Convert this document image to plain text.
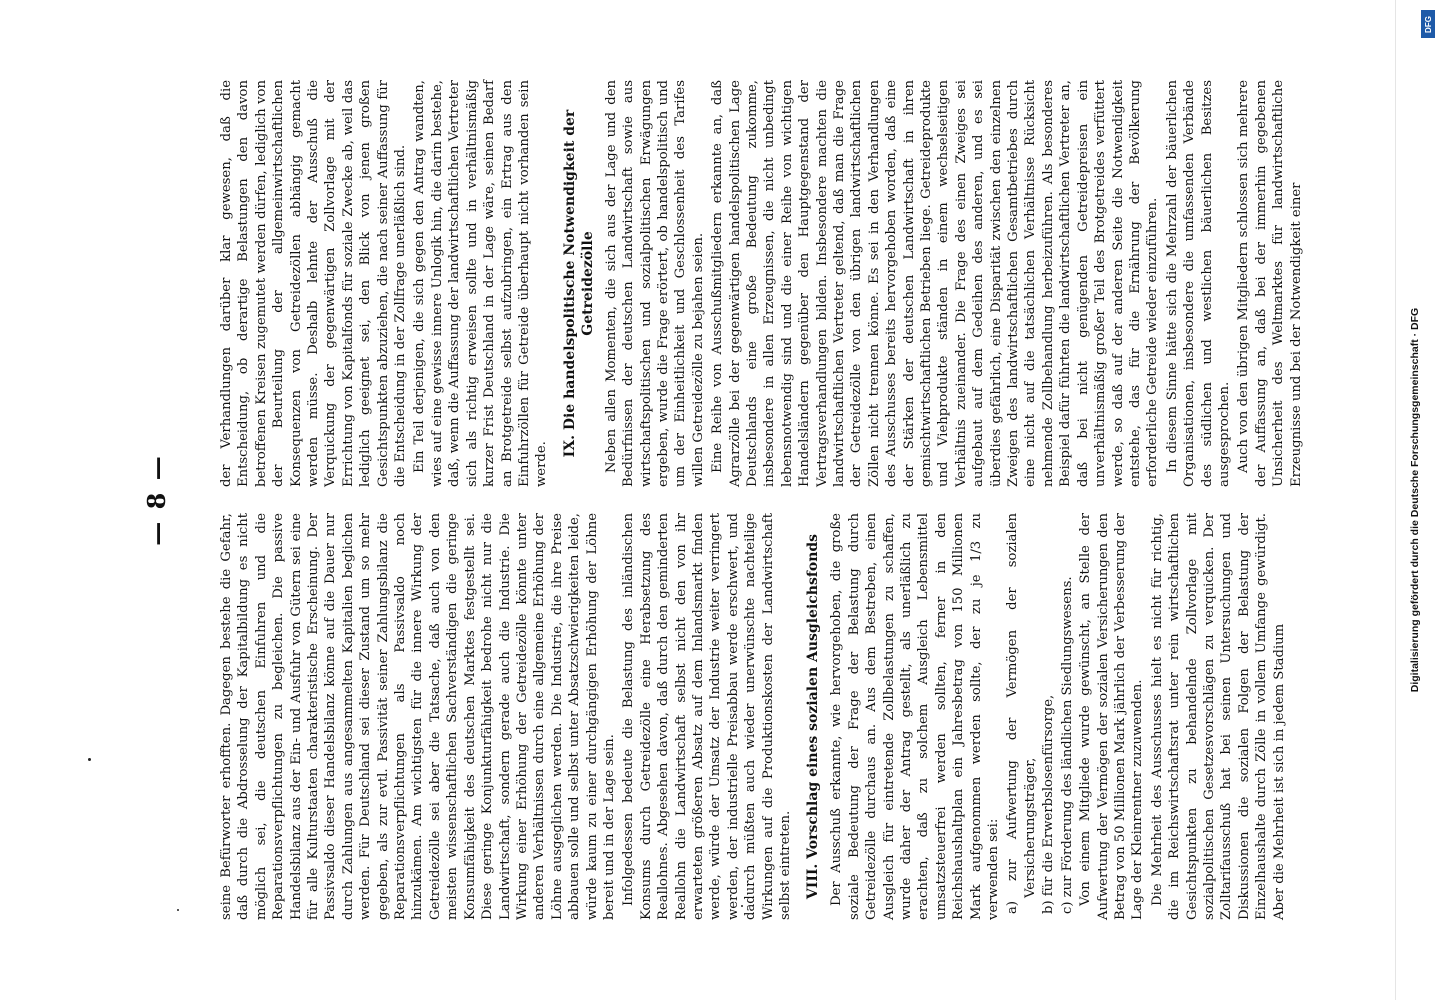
— 8 —

seine Befürworter erhofften. Dagegen bestehe die Gefahr, daß durch die Abdrosselung der Kapitalbildung es nicht möglich sei, die deutschen Einfuhren und die Reparationsverpflichtungen zu begleichen. Die passive Handelsbilanz aus der Ein- und Ausfuhr von Gütern sei eine für alle Kulturstaaten charakteristische Erscheinung. Der Passivsaldo dieser Handelsbilanz könne auf die Dauer nur durch Zahlungen aus angesammelten Kapitalien beglichen werden. Für Deutschland sei dieser Zustand um so mehr gegeben, als zur evtl. Passivität seiner Zahlungsbilanz die Reparationsverpflichtungen als Passivsaldo noch hinzukämen. Am wichtigsten für die innere Wirkung der Getreidezölle sei aber die Tatsache, daß auch von den meisten wissenschaftlichen Sachverständigen die geringe Konsumfähigkeit des deutschen Marktes festgestellt sei. Diese geringe Konjunkturfähigkeit bedrohe nicht nur die Landwirtschaft, sondern gerade auch die Industrie. Die Wirkung einer Erhöhung der Getreidezölle könnte unter anderen Verhältnissen durch eine allgemeine Erhöhung der Löhne ausgeglichen werden. Die Industrie, die ihre Preise abbauen solle und selbst unter Absatzschwierigkeiten leide, würde kaum zu einer durchgängigen Erhöhung der Löhne bereit und in der Lage sein. Infolgedessen bedeute die Belastung des inländischen Konsums durch Getreidezölle eine Herabsetzung des Reallohnes. Abgesehen davon, daß durch den geminderten Reallohn die Landwirtschaft selbst nicht den von ihr erwarteten größeren Absatz auf dem Inlandsmarkt finden werde, würde der Umsatz der Industrie weiter verringert werden, der industrielle Preisabbau werde erschwert, und dadurch müßten auch wieder unerwünschte nachteilige Wirkungen auf die Produktionskosten der Landwirtschaft selbst eintreten. VIII. Vorschlag eines sozialen Ausgleichsfonds Der Ausschuß erkannte, wie hervorgehoben, die große soziale Bedeutung der Frage der Belastung durch Getreidezölle durchaus an. Aus dem Bestreben, einen Ausgleich für eintretende Zollbelastungen zu schaffen, wurde daher der Antrag gestellt, als unerläßlich zu erachten, daß zu solchem Ausgleich Lebensmittel umsatzsteuerfrei werden sollten, ferner in den Reichshaushaltplan ein Jahresbetrag von 150 Millionen Mark aufgenommen werden sollte, der zu je 1/3 zu verwenden sei: a) zur Aufwertung der Vermögen der sozialen Versicherungsträger, b) für die Erwerbslosenfürsorge, c) zur Förderung des ländlichen Siedlungswesens. Von einem Mitgliede wurde gewünscht, an Stelle der Aufwertung der Vermögen der sozialen Versicherungen den Betrag von 50 Millionen Mark jährlich der Verbesserung der Lage der Kleinrentner zuzuwenden. Die Mehrheit des Ausschusses hielt es nicht für richtig, die im Reichswirtschaftsrat unter rein wirtschaftlichen Gesichtspunkten zu behandelnde Zollvorlage mit sozialpolitischen Gesetzesvorschlägen zu verquicken. Der Zolltarifausschuß hat bei seinen Untersuchungen und Diskussionen die sozialen Folgen der Belastung der Einzelhaushalte durch Zölle in vollem Umfange gewürdigt. Aber die Mehrheit ist sich in jedem Stadium

der Verhandlungen darüber klar gewesen, daß die Entscheidung, ob derartige Belastungen den davon betroffenen Kreisen zugemutet werden dürfen, lediglich von der Beurteilung der allgemeinwirtschaftlichen Konsequenzen von Getreidezöllen abhängig gemacht werden müsse. Deshalb lehnte der Ausschuß die Verquickung der gegenwärtigen Zollvorlage mit der Errichtung von Kapitalfonds für soziale Zwecke ab, weil das lediglich geeignet sei, den Blick von jenen großen Gesichtspunkten abzuziehen, die nach seiner Auffassung für die Entscheidung in der Zollfrage unerläßlich sind. Ein Teil derjenigen, die sich gegen den Antrag wandten, wies auf eine gewisse innere Unlogik hin, die darin bestehe, daß, wenn die Auffassung der landwirtschaftlichen Vertreter sich als richtig erweisen sollte und in verhältnismäßig kurzer Frist Deutschland in der Lage wäre, seinen Bedarf an Brotgetreide selbst aufzubringen, ein Ertrag aus den Einfuhrzöllen für Getreide überhaupt nicht vorhanden sein werde.

IX. Die handelspolitische Notwendigkeit der Getreidezölle Neben allen Momenten, die sich aus der Lage und den Bedürfnissen der deutschen Landwirtschaft sowie aus wirtschaftspolitischen und sozialpolitischen Erwägungen ergeben, wurde die Frage erörtert, ob handelspolitisch und um der Einheitlichkeit und Geschlossenheit des Tarifes willen Getreidezölle zu bejahen seien. Eine Reihe von Ausschußmitgliedern erkannte an, daß Agrarzölle bei der gegenwärtigen handelspolitischen Lage Deutschlands eine große Bedeutung zukomme, insbesondere in allen Erzeugnissen, die nicht unbedingt lebensnotwendig sind und die einer Reihe von wichtigen Handelsländern gegenüber den Hauptgegenstand der Vertragsverhandlungen bilden. Insbesondere machten die landwirtschaftlichen Vertreter geltend, daß man die Frage der Getreidezölle von den übrigen landwirtschaftlichen Zöllen nicht trennen könne. Es sei in den Verhandlungen des Ausschusses bereits hervorgehoben worden, daß eine der Stärken der deutschen Landwirtschaft in ihren gemischtwirtschaftlichen Betrieben liege. Getreideprodukte und Viehprodukte ständen in einem wechselseitigen Verhältnis zueinander. Die Frage des einen Zweiges sei aufgebaut auf dem Gedeihen des anderen, und es sei überdies gefährlich, eine Disparität zwischen den einzelnen Zweigen des landwirtschaftlichen Gesamtbetriebes durch eine nicht auf die tatsächlichen Verhältnisse Rücksicht nehmende Zollbehandlung herbeizuführen. Als besonderes Beispiel dafür führten die landwirtschaftlichen Vertreter an, daß bei nicht genügenden Getreidepreisen ein unverhältnismäßig großer Teil des Brotgetreides verfüttert werde, so daß auf der anderen Seite die Notwendigkeit entstehe, das für die Ernährung der Bevölkerung erforderliche Getreide wieder einzuführen. In diesem Sinne hätte sich die Mehrzahl der bäuerlichen Organisationen, insbesondere die umfassenden Verbände des südlichen und westlichen bäuerlichen Besitzes ausgesprochen. Auch von den übrigen Mitgliedern schlossen sich mehrere der Auffassung an, daß bei der immerhin gegebenen Unsicherheit des Weltmarktes für landwirtschaftliche Erzeugnisse und bei der Notwendigkeit einer

DFG
Digitalisierung gefördert durch die Deutsche Forschungsgemeinschaft · DFG
